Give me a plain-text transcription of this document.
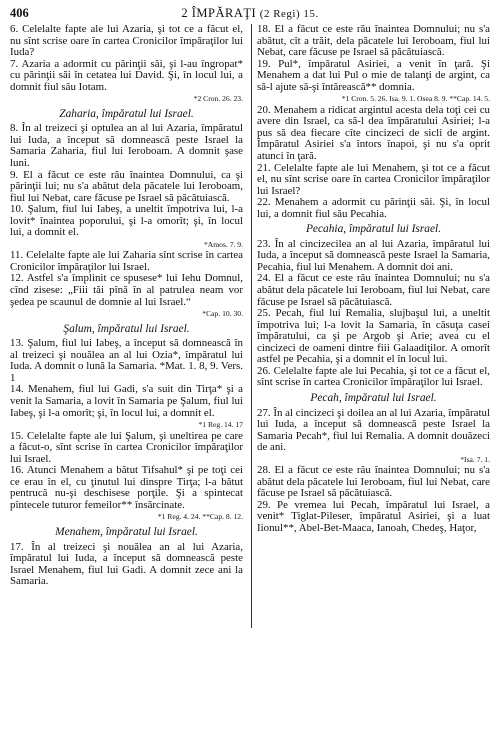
406	2 ÎMPĂRAŢI (2 Regi) 15.

6. Celelalte fapte ale lui Azaria, şi tot ce a făcut el, nu sînt scrise oare în cartea Cronicilor împăraţilor lui Iuda?

7. Azaria a adormit cu părinţii săi, şi l-au îngropat* cu părinţii săi în cetatea lui David. Şi, în locul lui, a domnit fiul său Iotam.

*2 Cron. 26. 23.

Zaharia, împăratul lui Israel.

8. În al treizeci şi optulea an al lui Azaria, împăratul lui Iuda, a început să domnească peste Israel la Samaria Zaharia, fiul lui Ieroboam. A domnit şase luni.

9. El a făcut ce este rău înaintea Domnului, ca şi părinţii lui; nu s'a abătut dela păcatele lui Ieroboam, fiul lui Nebat, care făcuse pe Israel să păcătuiască.

10. Şalum, fiul lui Iabeş, a uneltit împotriva lui, l-a lovit* înaintea poporului, şi l-a omorît; şi, în locul lui, a domnit el.

*Amos. 7. 9.

11. Celelalte fapte ale lui Zaharia sînt scrise în cartea Cronicilor împăraţilor lui Israel.

12. Astfel s'a împlinit ce spusese* lui Iehu Domnul, cînd zisese: „Fiii tăi pînă în al patrulea neam vor şedea pe scaunul de domnie al lui Israel.“

*Cap. 10. 30.

Şalum, împăratul lui Israel.

13. Şalum, fiul lui Iabeş, a început să domnească în al treizeci şi nouălea an al lui Ozia*, împăratul lui Iuda. A domnit o lună la Samaria. *Mat. 1. 8, 9. Vers. 1

14. Menahem, fiul lui Gadi, s'a suit din Tirţa* şi a venit la Samaria, a lovit în Samaria pe Şalum, fiul lui Iabeş, şi l-a omorît; şi, în locul lui, a domnit el.

*1 Reg. 14. 17

15. Celelalte fapte ale lui Şalum, şi uneltirea pe care a făcut-o, sînt scrise în cartea Cronicilor împăraţilor lui Israel.

16. Atunci Menahem a bătut Tifsahul* şi pe toţi cei ce erau în el, cu ţinutul lui dinspre Tirţa; l-a bătut pentrucă nu-şi deschisese porţile. Şi a spintecat pîntecele tuturor femeilor** însărcinate.

*1 Reg. 4. 24. **Cap. 8. 12.

Menahem, împăratul lui Israel.

17. În al treizeci şi nouălea an al lui Azaria, împăratul lui Iuda, a început să domnească peste Israel Menahem, fiul lui Gadi. A domnit zece ani la Samaria.

18. El a făcut ce este rău înaintea Domnului; nu s'a abătut, cît a trăit, dela păcatele lui Ieroboam, fiul lui Nebat, care făcuse pe Israel să păcătuiască.

19. Pul*, împăratul Asiriei, a venit în ţară. Şi Menahem a dat lui Pul o mie de talanţi de argint, ca să-l ajute să-şi întărească** domnia.

*1 Cron. 5. 26. Isa. 9. 1. Osea 8. 9. **Cap. 14. 5.

20. Menahem a ridicat argintul acesta dela toţi cei cu avere din Israel, ca să-l dea împăratului Asiriei; l-a pus să dea fiecare cîte cincizeci de sicli de argint. Împăratul Asiriei s'a întors înapoi, şi nu s'a oprit atunci în ţară.

21. Celelalte fapte ale lui Menahem, şi tot ce a făcut el, nu sînt scrise oare în cartea Cronicilor împăraţilor lui Israel?

22. Menahem a adormit cu părinţii săi. Şi, în locul lui, a domnit fiul său Pecahia.

Pecahia, împăratul lui Israel.

23. În al cincizecilea an al lui Azaria, împăratul lui Iuda, a început să domnească peste Israel la Samaria, Pecahia, fiul lui Menahem. A domnit doi ani.

24. El a făcut ce este rău înaintea Domnului; nu s'a abătut dela păcatele lui Ieroboam, fiul lui Nebat, care făcuse pe Israel să păcătuiască.

25. Pecah, fiul lui Remalia, slujbaşul lui, a uneltit împotriva lui; l-a lovit la Samaria, în căsuţa casei împăratului, ca şi pe Argob şi Arie; avea cu el cincizeci de oameni dintre fiii Galaadiţilor. A omorît astfel pe Pecahia, şi a domnit el în locul lui.

26. Celelalte fapte ale lui Pecahia, şi tot ce a făcut el, sînt scrise în cartea Cronicilor împăraţilor lui Israel.

Pecah, împăratul lui Israel.

27. În al cincizeci şi doilea an al lui Azaria, împăratul lui Iuda, a început să domnească peste Israel la Samaria Pecah*, fiul lui Remalia. A domnit douăzeci de ani.

*Isa. 7. 1.

28. El a făcut ce este rău înaintea Domnului; nu s'a abătut dela păcatele lui Ieroboam, fiul lui Nebat, care făcuse pe Israel să păcătuiască.

29. Pe vremea lui Pecah, împăratul lui Israel, a venit* Tiglat-Pileser, împăratul Asiriei, şi a luat Iionul**, Abel-Bet-Maaca, Ianoah, Chedeş, Haţor,
